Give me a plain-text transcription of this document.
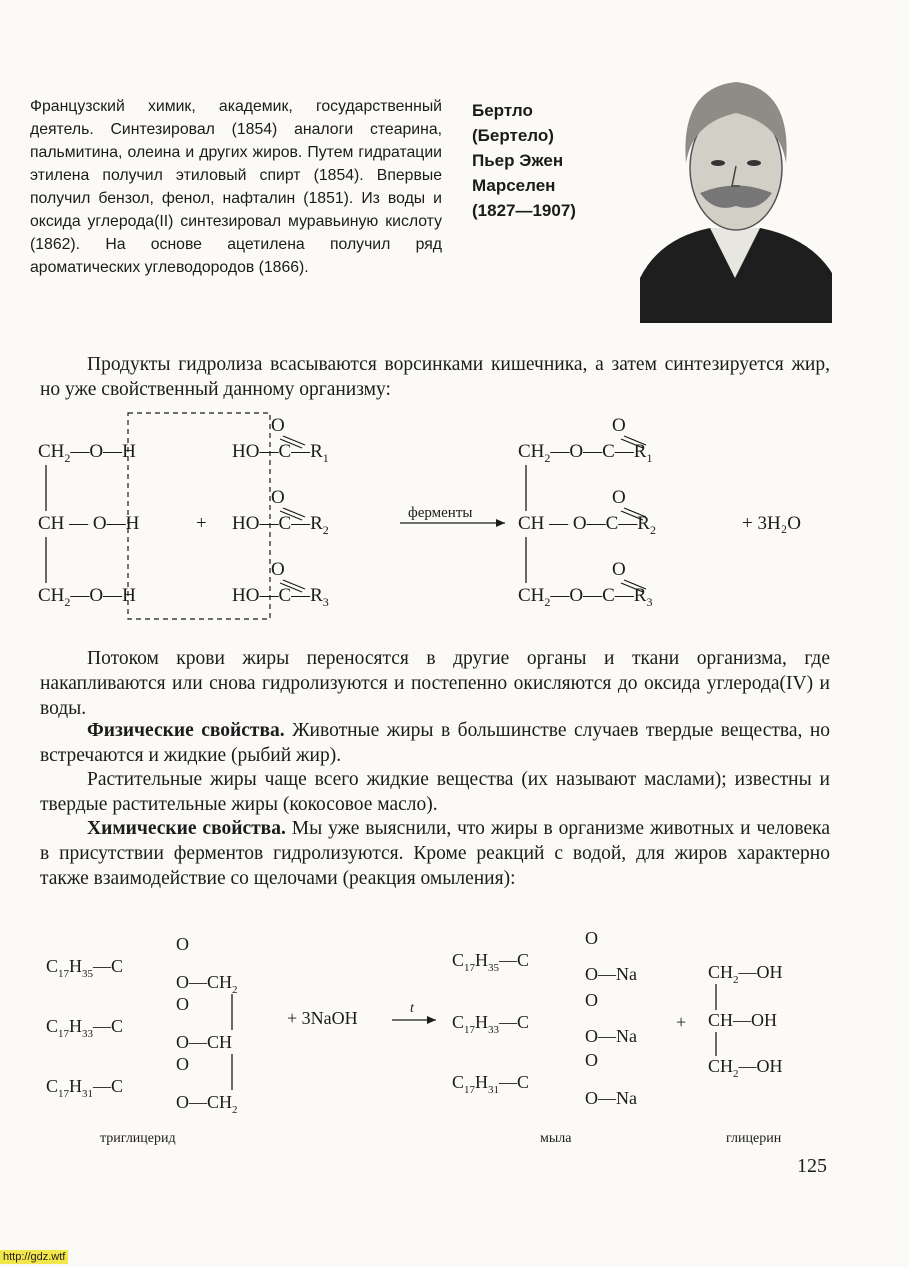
Французский химик, академик, государственный деятель. Синтезировал (1854) аналоги стеарина, пальмитина, олеина и других жиров. Путем гидратации этилена получил этиловый спирт (1854). Впервые получил бензол, фенол, нафталин (1851). Из воды и оксида углерода(II) синтезировал муравьиную кислоту (1862). На основе ацетилена получил ряд ароматических углеводородов (1866).
Бертло
(Бертело)
Пьер Эжен
Марселен
(1827—1907)
Продукты гидролиза всасываются ворсинками кишечника, а затем синтезируется жир, но уже свойственный данному организму:
$CH_2—O—H$
CH — O—H
$CH_2—O—H$
+
$HO—C—R_1$
$HO—C—R_2$
$HO—C—R_3$
O
O
O
ферменты
$CH_2—O—C—R_1$
CH — $O—C—R_2$
$CH_2—O—C—R_3$
O
O
O
+ 3H₂O
Потоком крови жиры переносятся в другие органы и ткани организма, где накапливаются или снова гидролизуются и постепенно окисляются до оксида углерода(IV) и воды.
Физические свойства. Животные жиры в большинстве случаев твердые вещества, но встречаются и жидкие (рыбий жир).
Растительные жиры чаще всего жидкие вещества (их называют маслами); известны и твердые растительные жиры (кокосовое масло).
Химические свойства. Мы уже выяснили, что жиры в организме животных и человека в присутствии ферментов гидролизуются. Кроме реакций с водой, для жиров характерно также взаимодействие со щелочами (реакция омыления):
$C_{17}H_{35}—C$
$C_{17}H_{33}—C$
$C_{17}H_{31}—C$
O
O
O
$O—CH_2$
O—CH
$O—CH_2$
+ 3NaOH	t
$C_{17}H_{35}—C$
$C_{17}H_{33}—C$
$C_{17}H_{31}—C$
O
O
O
O—Na
O—Na
O—Na
+
$CH_2—OH$
CH—OH
$CH_2—OH$
триглицерид	мыла	глицерин
125
http://gdz.wtf
